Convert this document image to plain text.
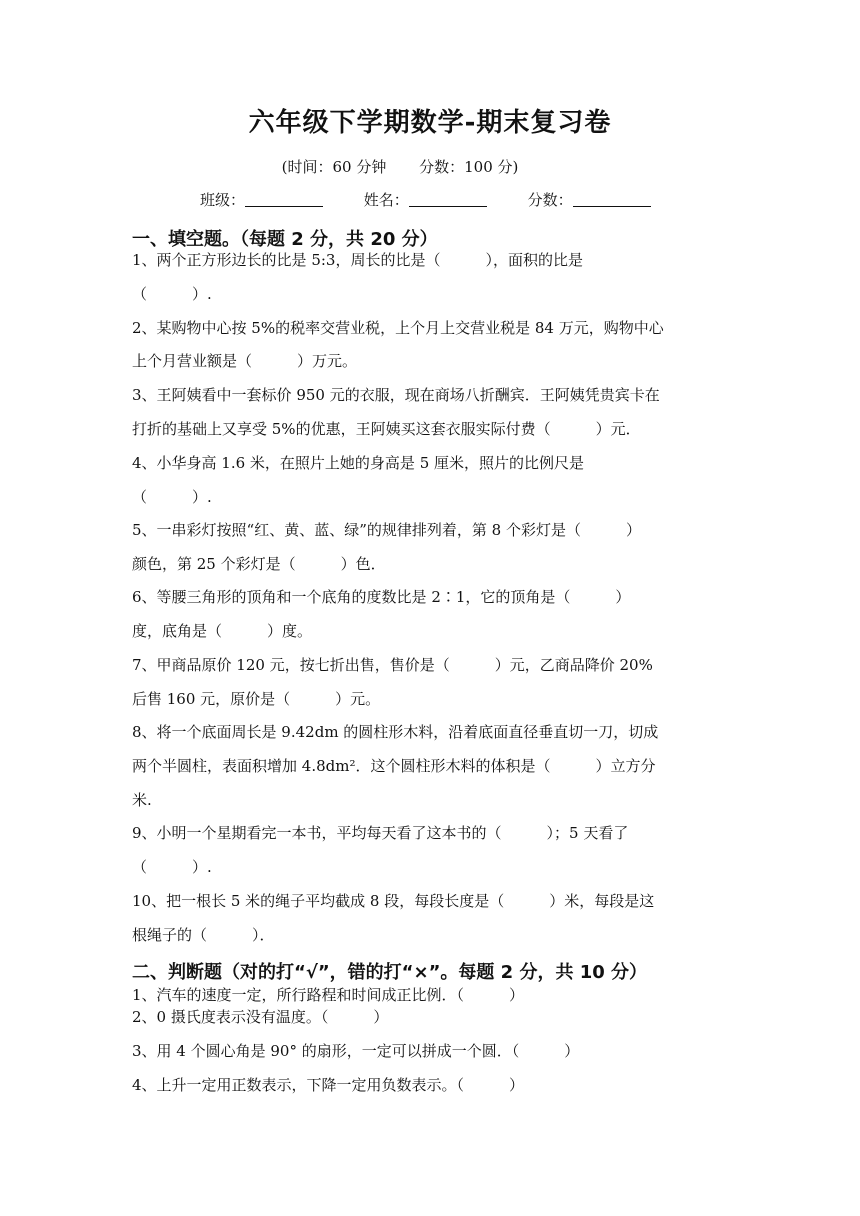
六年级下学期数学-期末复习卷
(时间：60 分钟 分数：100 分)
班级：	姓名：	分数：
一、填空题。（每题 2 分，共 20 分）
1、两个正方形边长的比是 5:3，周长的比是（　　　），面积的比是
（　　　）.
2、某购物中心按 5%的税率交营业税，上个月上交营业税是 84 万元，购物中心
上个月营业额是（　　　）万元。
3、王阿姨看中一套标价 950 元的衣服，现在商场八折酬宾．王阿姨凭贵宾卡在
打折的基础上又享受 5%的优惠，王阿姨买这套衣服实际付费（　　　）元．
4、小华身高 1.6 米，在照片上她的身高是 5 厘米，照片的比例尺是
（　　　）.
5、一串彩灯按照“红、黄、蓝、绿”的规律排列着，第 8 个彩灯是（　　　）
颜色，第 25 个彩灯是（　　　）色．
6、等腰三角形的顶角和一个底角的度数比是 2∶1，它的顶角是（　　　）
度，底角是（　　　）度。
7、甲商品原价 120 元，按七折出售，售价是（　　　）元，乙商品降价 20%
后售 160 元，原价是（　　　）元。
8、将一个底面周长是 9.42dm 的圆柱形木料，沿着底面直径垂直切一刀，切成
两个半圆柱，表面积增加 4.8dm²．这个圆柱形木料的体积是（　　　）立方分
米.
9、小明一个星期看完一本书，平均每天看了这本书的（　　　）；5 天看了
（　　　）.
10、把一根长 5 米的绳子平均截成 8 段，每段长度是（　　　）米，每段是这
根绳子的（　　　）．
二、判断题（对的打“√”，错的打“×”。每题 2 分，共 10 分）
1、汽车的速度一定，所行路程和时间成正比例．（　　　）
2、0 摄氏度表示没有温度。（　　　）
3、用 4 个圆心角是 90° 的扇形，一定可以拼成一个圆．（　　　）
4、上升一定用正数表示，下降一定用负数表示。（　　　）
